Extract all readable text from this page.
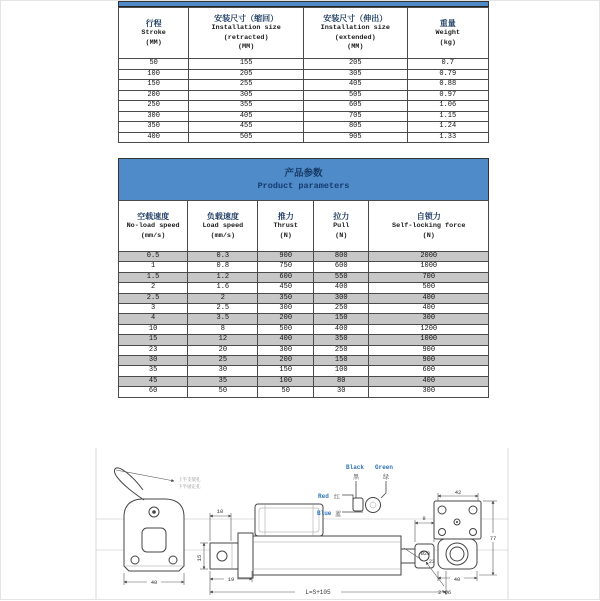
行程
Stroke
(MM)

安装尺寸（缩回）
Installation size
(retracted)
(MM)

安装尺寸（伸出）
Installation size
(extended)
(MM)

重量
Weight
(kg)

50	155	205	0.7
100	205	305	0.79
150	255	405	0.88
200	305	505	0.97
250	355	605	1.06
300	405	705	1.15
350	455	805	1.24
400	505	905	1.33
产品参数
Product parameters
空载速度
No-load speed
(mm/s)

负载速度
Load speed
(mm/s)

推力
Thrust
(N)

拉力
Pull
(N)

自锁力
Self-locking force
(N)

0.5	0.3	900	800	2000
1	0.8	750	600	1000
1.5	1.2	600	550	700
2	1.6	450	400	500
2.5	2	350	300	400
3	2.5	300	250	400
4	3.5	200	150	300
10	8	500	400	1200
15	12	400	350	1000
23	20	300	250	900
30	25	200	150	900
35	30	150	100	600
45	35	100	80	400
60	50	50	30	300
上半支架孔
下半固定孔
40
10
15
19
L=S+105
9
Ø20
23
2*Ø6
42
77
40
Black
黑
Green
绿
Red 红
Blue 蓝
